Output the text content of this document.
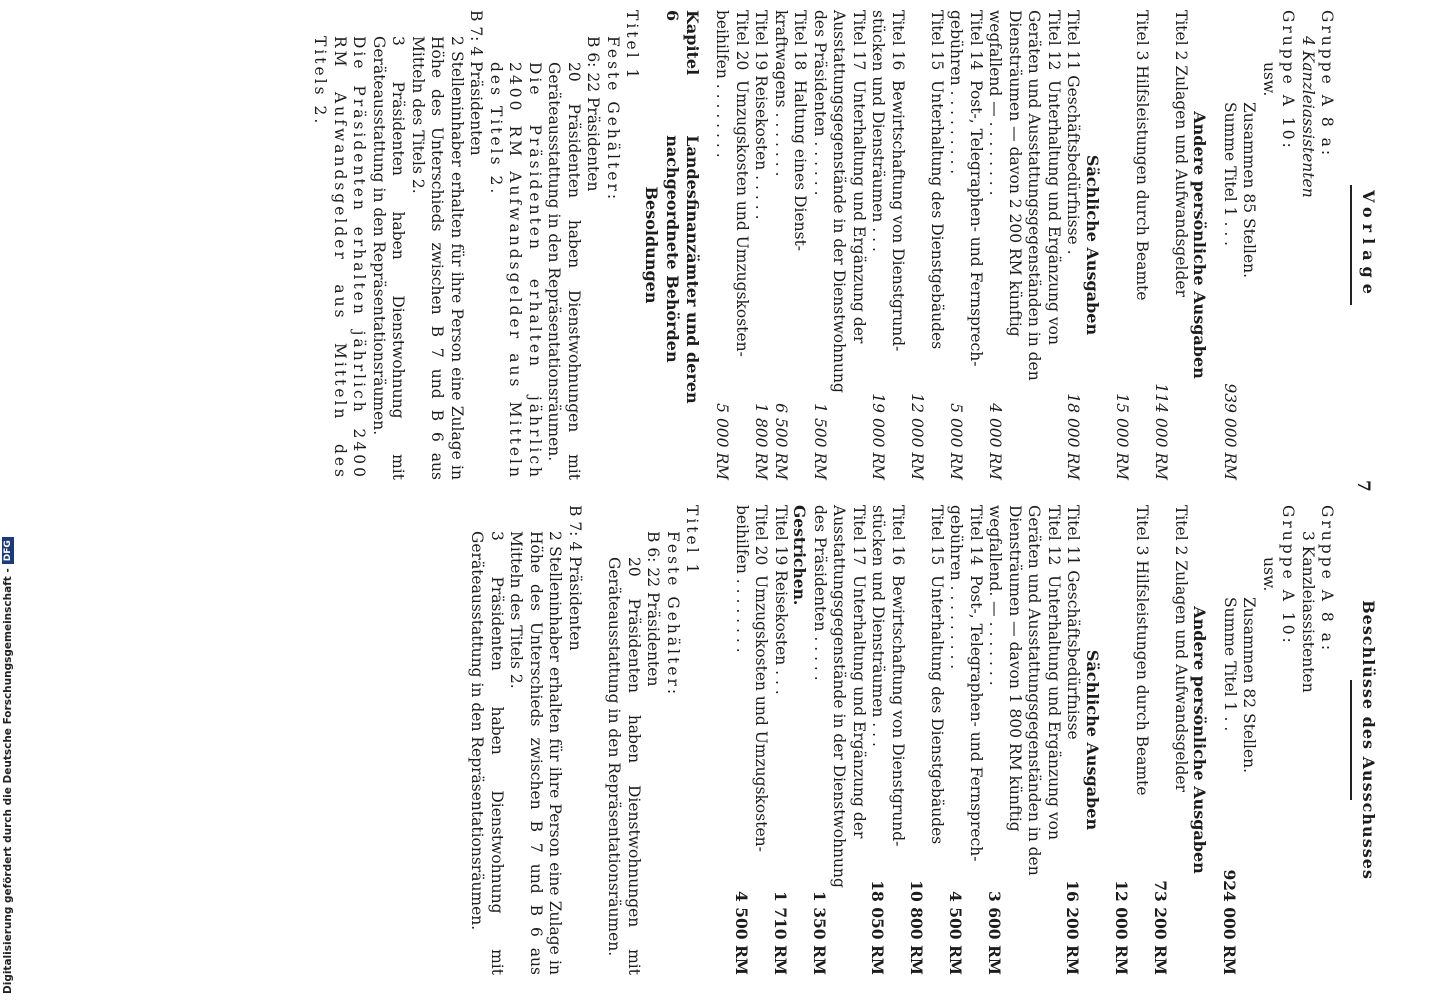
7
Vorlage
Gruppe A 8 a:
4 Kanzleiassistenten
Gruppe A 10:
usw.
Zusammen 85 Stellen.
Summe Titel 1 . . .
939 000 RM
Andere persönliche Ausgaben
Titel 2 Zulagen und Aufwandsgelder
114 000 RM
Titel 3 Hilfsleistungen durch Beamte
15 000 RM
Sächliche Ausgaben
Titel 11 Geschäftsbedürfnisse .
18 000 RM
Titel 12  Unterhaltung und Ergänzung von
Geräten und Ausstattungsgegenständen in den
Diensträumen — davon 2 200 RM künftig
wegfallend — . . . . . . . .
4 000 RM
Titel 14  Post-, Telegraphen- und Fernsprech-
gebühren . . . . . . . . .
5 000 RM
Titel 15  Unterhaltung des Dienstgebäudes
12 000 RM
Titel 16  Bewirtschaftung von Dienstgrund-
stücken und Diensträumen . . .
19 000 RM
Titel 17  Unterhaltung und Ergänzung der
Ausstattungsgegenstände in der Dienstwohnung
des Präsidenten . . . . . .
1 500 RM
Titel 18  Haltung eines Dienst-
kraftwagens . . . . . . .
6 500 RM
Titel 19 Reisekosten . . . . .
1 800 RM
Titel 20  Umzugskosten und Umzugskosten-
beihilfen . . . . . . . .
5 000 RM
Kapitel 6
Landesfinanzämter und deren nachgeordnete Behörden
Besoldungen
Titel 1
Feste Gehälter:
B 6: 22 Präsidenten
20 Präsidenten haben Dienstwohnungen mit Geräteausstattung in den Repräsentationsräumen.
Die Präsidenten erhalten jährlich 2400 RM Aufwandsgelder aus Mitteln des Titels 2.
B 7: 4 Präsidenten
2 Stelleninhaber erhalten für ihre Person eine Zulage in Höhe des Unterschieds zwischen B 7 und B 6 aus Mitteln des Titels 2.
3 Präsidenten haben Dienstwohnung mit Geräteausstattung in den Repräsentationsräumen.
Die Präsidenten erhalten jährlich 2400 RM Aufwandsgelder aus Mitteln des Titels 2.
Beschlüsse des Ausschusses
Gruppe A 8 a:
3 Kanzleiassistenten
Gruppe A 10:
usw.
Zusammen 82 Stellen.
Summe Titel 1 . .
924 000 RM
Andere persönliche Ausgaben
Titel 2 Zulagen und Aufwandsgelder
73 200 RM
Titel 3 Hilfsleistungen durch Beamte
12 000 RM
Sächliche Ausgaben
Titel 11 Geschäftsbedürfnisse
16 200 RM
Titel 12  Unterhaltung und Ergänzung von
Geräten und Ausstattungsgegenständen in den
Diensträumen — davon 1 800 RM künftig
wegfallend. — . . . . . . .
3 600 RM
Titel 14  Post-, Telegraphen- und Fernsprech-
gebühren . . . . . . . . .
4 500 RM
Titel 15  Unterhaltung des Dienstgebäudes
10 800 RM
Titel 16  Bewirtschaftung von Dienstgrund-
stücken und Diensträumen . . .
18 050 RM
Titel 17  Unterhaltung und Ergänzung der
Ausstattungsgegenstände in der Dienstwohnung
des Präsidenten . . . . .
1 350 RM
Gestrichen.
Titel 19 Reisekosten . . .
1 710 RM
Titel 20  Umzugskosten und Umzugskosten-
beihilfen . . . . . . . .
4 500 RM
Titel 1
Feste Gehälter:
B 6: 22 Präsidenten
20 Präsidenten haben Dienstwohnungen mit Geräteausstattung in den Repräsentationsräumen.
B 7: 4 Präsidenten
2 Stelleninhaber erhalten für ihre Person eine Zulage in Höhe des Unterschieds zwischen B 7 und B 6 aus Mitteln des Titels 2.
3 Präsidenten haben Dienstwohnung mit Geräteausstattung in den Repräsentationsräumen.
Digitalisierung gefördert durch die Deutsche Forschungsgemeinschaft -
DFG
